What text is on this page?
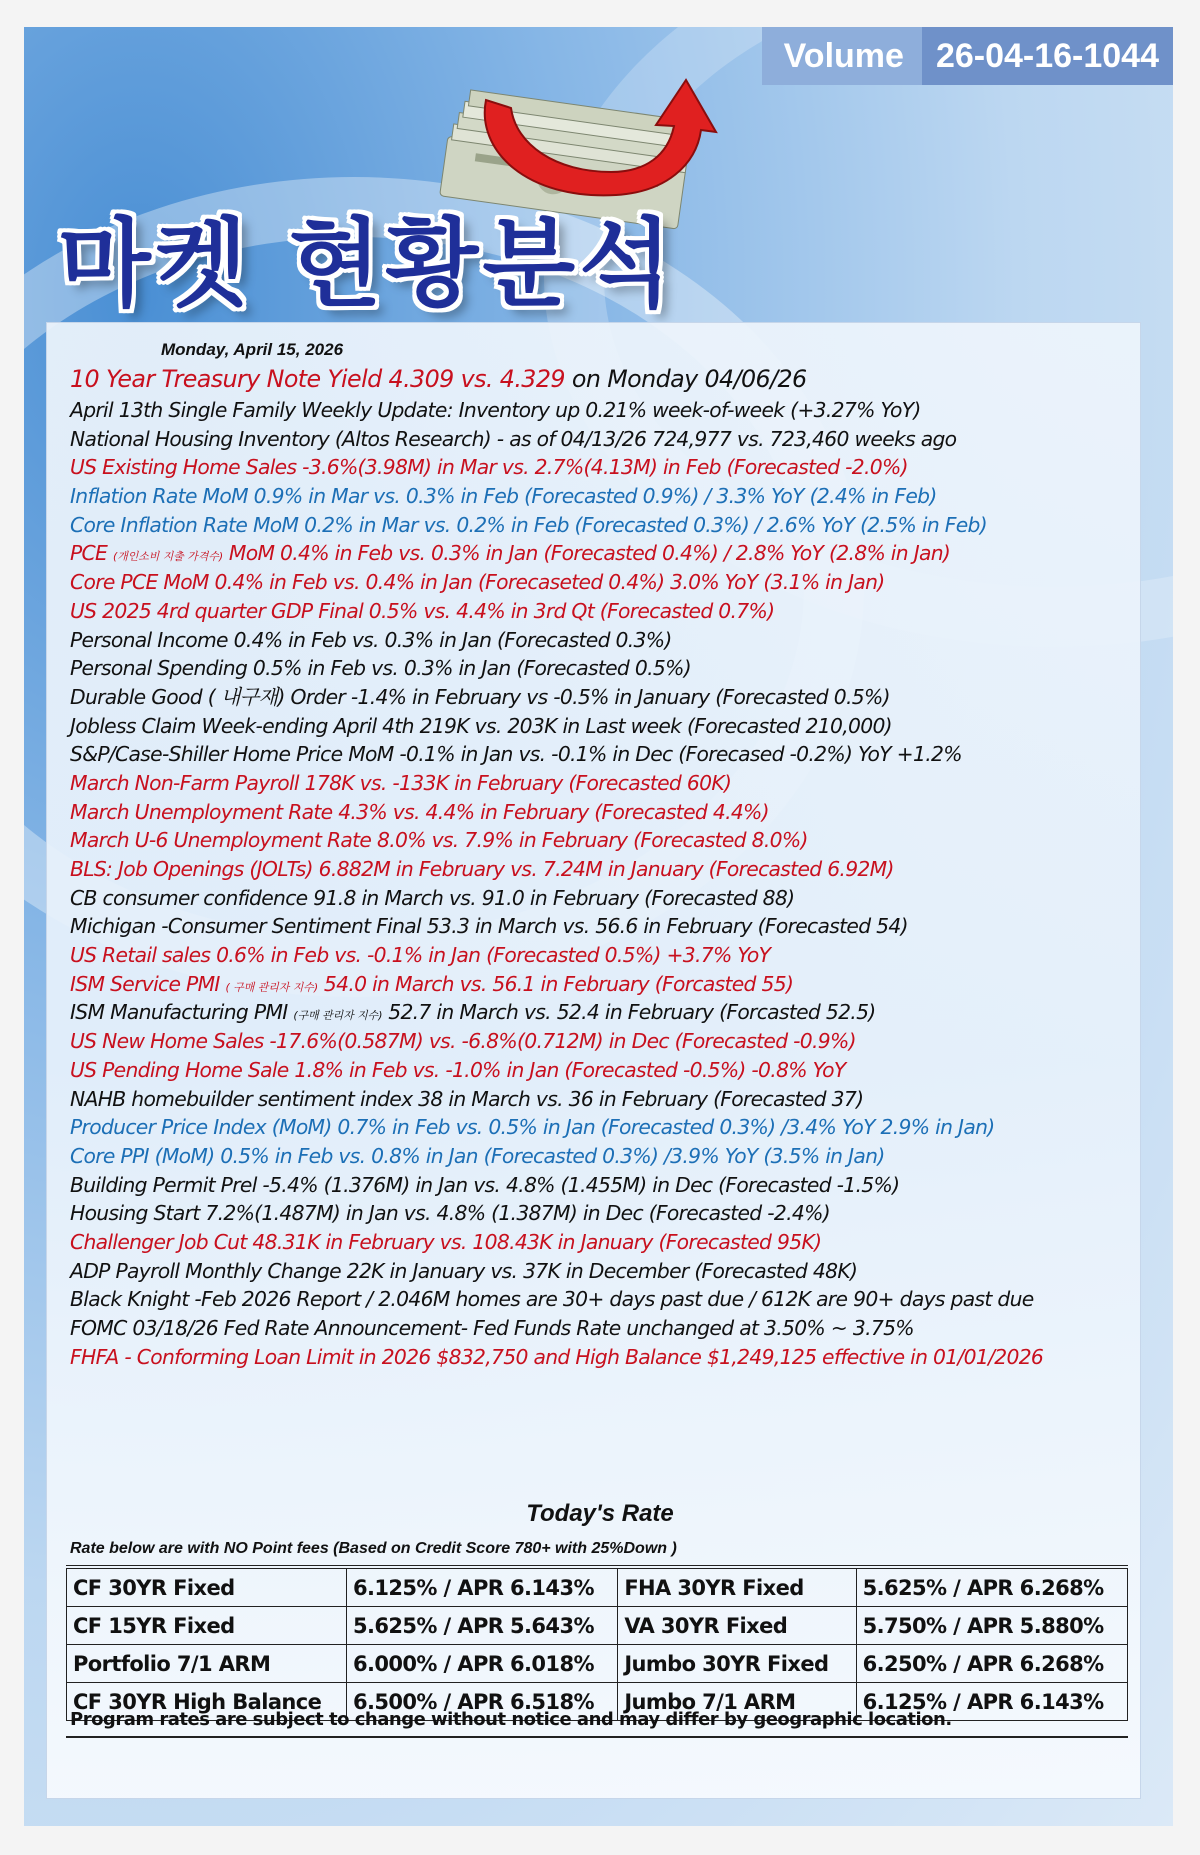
Volume 26-04-16-1044
마켓 현황분석
Monday, April 15, 2026
10 Year Treasury Note Yield 4.309 vs. 4.329 on Monday 04/06/26
April 13th Single Family Weekly Update: Inventory up 0.21% week-of-week (+3.27% YoY)
National Housing Inventory (Altos Research) - as of 04/13/26 724,977 vs. 723,460 weeks ago
US Existing Home Sales -3.6%(3.98M) in Mar vs. 2.7%(4.13M) in Feb (Forecasted -2.0%)
Inflation Rate MoM 0.9% in Mar vs. 0.3% in Feb (Forecasted 0.9%) / 3.3% YoY (2.4% in Feb)
Core Inflation Rate MoM 0.2% in Mar vs. 0.2% in Feb (Forecasted 0.3%) / 2.6% YoY (2.5% in Feb)
PCE (개인소비 지출 가격수) MoM 0.4% in Feb vs. 0.3% in Jan (Forecasted 0.4%) / 2.8% YoY (2.8% in Jan)
Core PCE MoM 0.4% in Feb vs. 0.4% in Jan (Forecaseted 0.4%) 3.0% YoY (3.1% in Jan)
US 2025 4rd quarter GDP Final 0.5% vs. 4.4% in 3rd Qt (Forecasted 0.7%)
Personal Income 0.4% in Feb vs. 0.3% in Jan (Forecasted 0.3%)
Personal Spending 0.5% in Feb vs. 0.3% in Jan (Forecasted 0.5%)
Durable Good ( 내구재) Order -1.4% in February vs -0.5% in January (Forecasted 0.5%)
Jobless Claim Week-ending April 4th 219K vs. 203K in Last week (Forecasted 210,000)
S&P/Case-Shiller Home Price MoM -0.1% in Jan vs. -0.1% in Dec (Forecased -0.2%) YoY +1.2%
March Non-Farm Payroll 178K vs. -133K in February (Forecasted 60K)
March Unemployment Rate 4.3% vs. 4.4% in February (Forecasted 4.4%)
March U-6 Unemployment Rate 8.0% vs. 7.9% in February (Forecasted 8.0%)
BLS: Job Openings (JOLTs) 6.882M in February vs. 7.24M in January (Forecasted 6.92M)
CB consumer confidence 91.8 in March vs. 91.0 in February (Forecasted 88)
Michigan -Consumer Sentiment Final 53.3 in March vs. 56.6 in February (Forecasted 54)
US Retail sales 0.6% in Feb vs. -0.1% in Jan (Forecasted 0.5%) +3.7% YoY
ISM Service PMI ( 구매 관리자 지수) 54.0 in March vs. 56.1 in February (Forcasted 55)
ISM Manufacturing PMI (구매 관리자 지수) 52.7 in March vs. 52.4 in February (Forcasted 52.5)
US New Home Sales -17.6%(0.587M) vs. -6.8%(0.712M) in Dec (Forecasted -0.9%)
US Pending Home Sale 1.8% in Feb vs. -1.0% in Jan (Forecasted -0.5%) -0.8% YoY
NAHB homebuilder sentiment index 38 in March vs. 36 in February (Forecasted 37)
Producer Price Index (MoM) 0.7% in Feb vs. 0.5% in Jan (Forecasted 0.3%) /3.4% YoY 2.9% in Jan)
Core PPI (MoM) 0.5% in Feb vs. 0.8% in Jan (Forecasted 0.3%) /3.9% YoY (3.5% in Jan)
Building Permit Prel -5.4% (1.376M) in Jan vs. 4.8% (1.455M) in Dec (Forecasted -1.5%)
Housing Start 7.2%(1.487M) in Jan vs. 4.8% (1.387M) in Dec (Forecasted -2.4%)
Challenger Job Cut 48.31K in February vs. 108.43K in January (Forecasted 95K)
ADP Payroll Monthly Change 22K in January vs. 37K in December (Forecasted 48K)
Black Knight -Feb 2026 Report / 2.046M homes are 30+ days past due / 612K are 90+ days past due
FOMC 03/18/26 Fed Rate Announcement- Fed Funds Rate unchanged at 3.50% ~ 3.75%
FHFA - Conforming Loan Limit in 2026 $832,750 and High Balance $1,249,125 effective in 01/01/2026
Today's Rate
Rate below are with NO Point fees (Based on Credit Score 780+ with 25%Down )
CF 30YR Fixed	6.125% / APR 6.143%	FHA 30YR Fixed	5.625% / APR 6.268%
CF 15YR Fixed	5.625% / APR 5.643%	VA 30YR Fixed	5.750% / APR 5.880%
Portfolio 7/1 ARM	6.000% / APR 6.018%	Jumbo 30YR Fixed	6.250% / APR 6.268%
CF 30YR High Balance	6.500% / APR 6.518%	Jumbo 7/1 ARM	6.125% / APR 6.143%
Program rates are subject to change without notice and may differ by geographic location.
